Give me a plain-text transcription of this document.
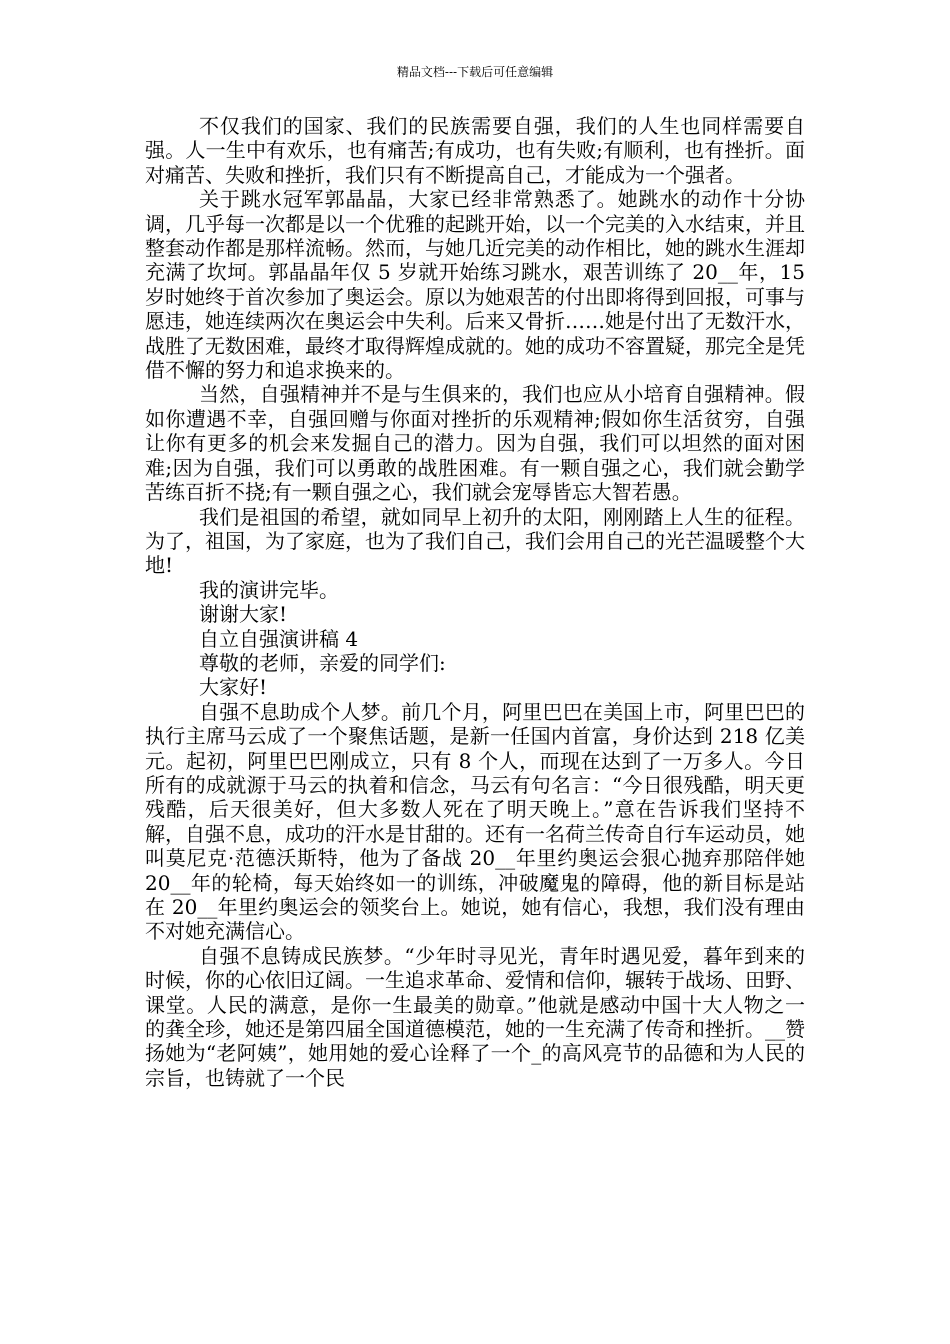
精品文档---下载后可任意编辑

不仅我们的国家、我们的民族需要自强，我们的人生也同样需要自强。人一生中有欢乐，也有痛苦;有成功，也有失败;有顺利，也有挫折。面对痛苦、失败和挫折，我们只有不断提高自己，才能成为一个强者。

关于跳水冠军郭晶晶，大家已经非常熟悉了。她跳水的动作十分协调，几乎每一次都是以一个优雅的起跳开始，以一个完美的入水结束，并且整套动作都是那样流畅。然而，与她几近完美的动作相比，她的跳水生涯却充满了坎坷。郭晶晶年仅 5 岁就开始练习跳水，艰苦训练了 20__年，15 岁时她终于首次参加了奥运会。原以为她艰苦的付出即将得到回报，可事与愿违，她连续两次在奥运会中失利。后来又骨折……她是付出了无数汗水，战胜了无数困难，最终才取得辉煌成就的。她的成功不容置疑，那完全是凭借不懈的努力和追求换来的。

当然，自强精神并不是与生俱来的，我们也应从小培育自强精神。假如你遭遇不幸，自强回赠与你面对挫折的乐观精神;假如你生活贫穷，自强让你有更多的机会来发掘自己的潜力。因为自强，我们可以坦然的面对困难;因为自强，我们可以勇敢的战胜困难。有一颗自强之心，我们就会勤学苦练百折不挠;有一颗自强之心，我们就会宠辱皆忘大智若愚。

我们是祖国的希望，就如同早上初升的太阳，刚刚踏上人生的征程。为了，祖国，为了家庭，也为了我们自己，我们会用自己的光芒温暖整个大地!

我的演讲完毕。

谢谢大家!

自立自强演讲稿 4

尊敬的老师，亲爱的同学们:

大家好!

自强不息助成个人梦。前几个月，阿里巴巴在美国上市，阿里巴巴的执行主席马云成了一个聚焦话题，是新一任国内首富，身价达到 218 亿美元。起初，阿里巴巴刚成立，只有 8 个人，而现在达到了一万多人。今日所有的成就源于马云的执着和信念，马云有句名言：“今日很残酷，明天更残酷，后天很美好，但大多数人死在了明天晚上。”意在告诉我们坚持不解，自强不息，成功的汗水是甘甜的。还有一名荷兰传奇自行车运动员，她叫莫尼克·范德沃斯特，他为了备战 20__年里约奥运会狠心抛弃那陪伴她 20__年的轮椅，每天始终如一的训练，冲破魔鬼的障碍，他的新目标是站在 20__年里约奥运会的领奖台上。她说，她有信心，我想，我们没有理由不对她充满信心。

自强不息铸成民族梦。“少年时寻见光，青年时遇见爱，暮年到来的时候，你的心依旧辽阔。一生追求革命、爱情和信仰，辗转于战场、田野、课堂。人民的满意，是你一生最美的勋章。”他就是感动中国十大人物之一的龚全珍，她还是第四届全国道德模范，她的一生充满了传奇和挫折。__赞扬她为“老阿姨”，她用她的爱心诠释了一个_的高风亮节的品德和为人民的宗旨，也铸就了一个民
